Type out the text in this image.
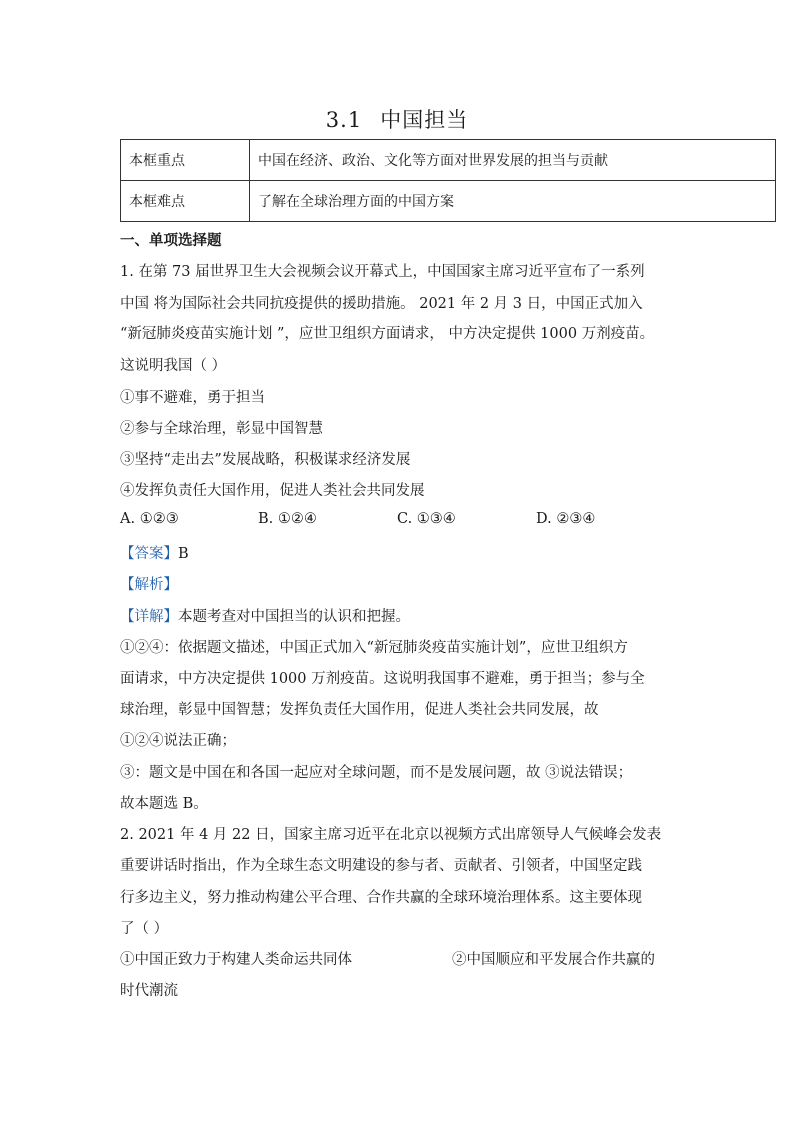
3.1 中国担当
本框重点	中国在经济、政治、文化等方面对世界发展的担当与贡献
本框难点	了解在全球治理方面的中国方案
一、单项选择题
1. 在第 73 届世界卫生大会视频会议开幕式上，中国国家主席习近平宣布了一系列
中国 将为国际社会共同抗疫提供的援助措施。 2021 年 2 月 3 日，中国正式加入
“新冠肺炎疫苗实施计划 ”，应世卫组织方面请求， 中方决定提供 1000 万剂疫苗。
这说明我国（ ）
①事不避难，勇于担当
②参与全球治理，彰显中国智慧
③坚持“走出去”发展战略，积极谋求经济发展
④发挥负责任大国作用，促进人类社会共同发展
A. ①②③	B. ①②④	C. ①③④	D. ②③④
【答案】B
【解析】
【详解】本题考查对中国担当的认识和把握。
①②④：依据题文描述，中国正式加入“新冠肺炎疫苗实施计划”，应世卫组织方
面请求，中方决定提供 1000 万剂疫苗。这说明我国事不避难，勇于担当；参与全
球治理，彰显中国智慧；发挥负责任大国作用，促进人类社会共同发展，故
①②④说法正确；
③：题文是中国在和各国一起应对全球问题，而不是发展问题，故 ③说法错误；
故本题选 B。
2. 2021 年 4 月 22 日，国家主席习近平在北京以视频方式出席领导人气候峰会发表
重要讲话时指出，作为全球生态文明建设的参与者、贡献者、引领者，中国坚定践
行多边主义，努力推动构建公平合理、合作共赢的全球环境治理体系。这主要体现
了（ ）
①中国正致力于构建人类命运共同体	②中国顺应和平发展合作共赢的
时代潮流
